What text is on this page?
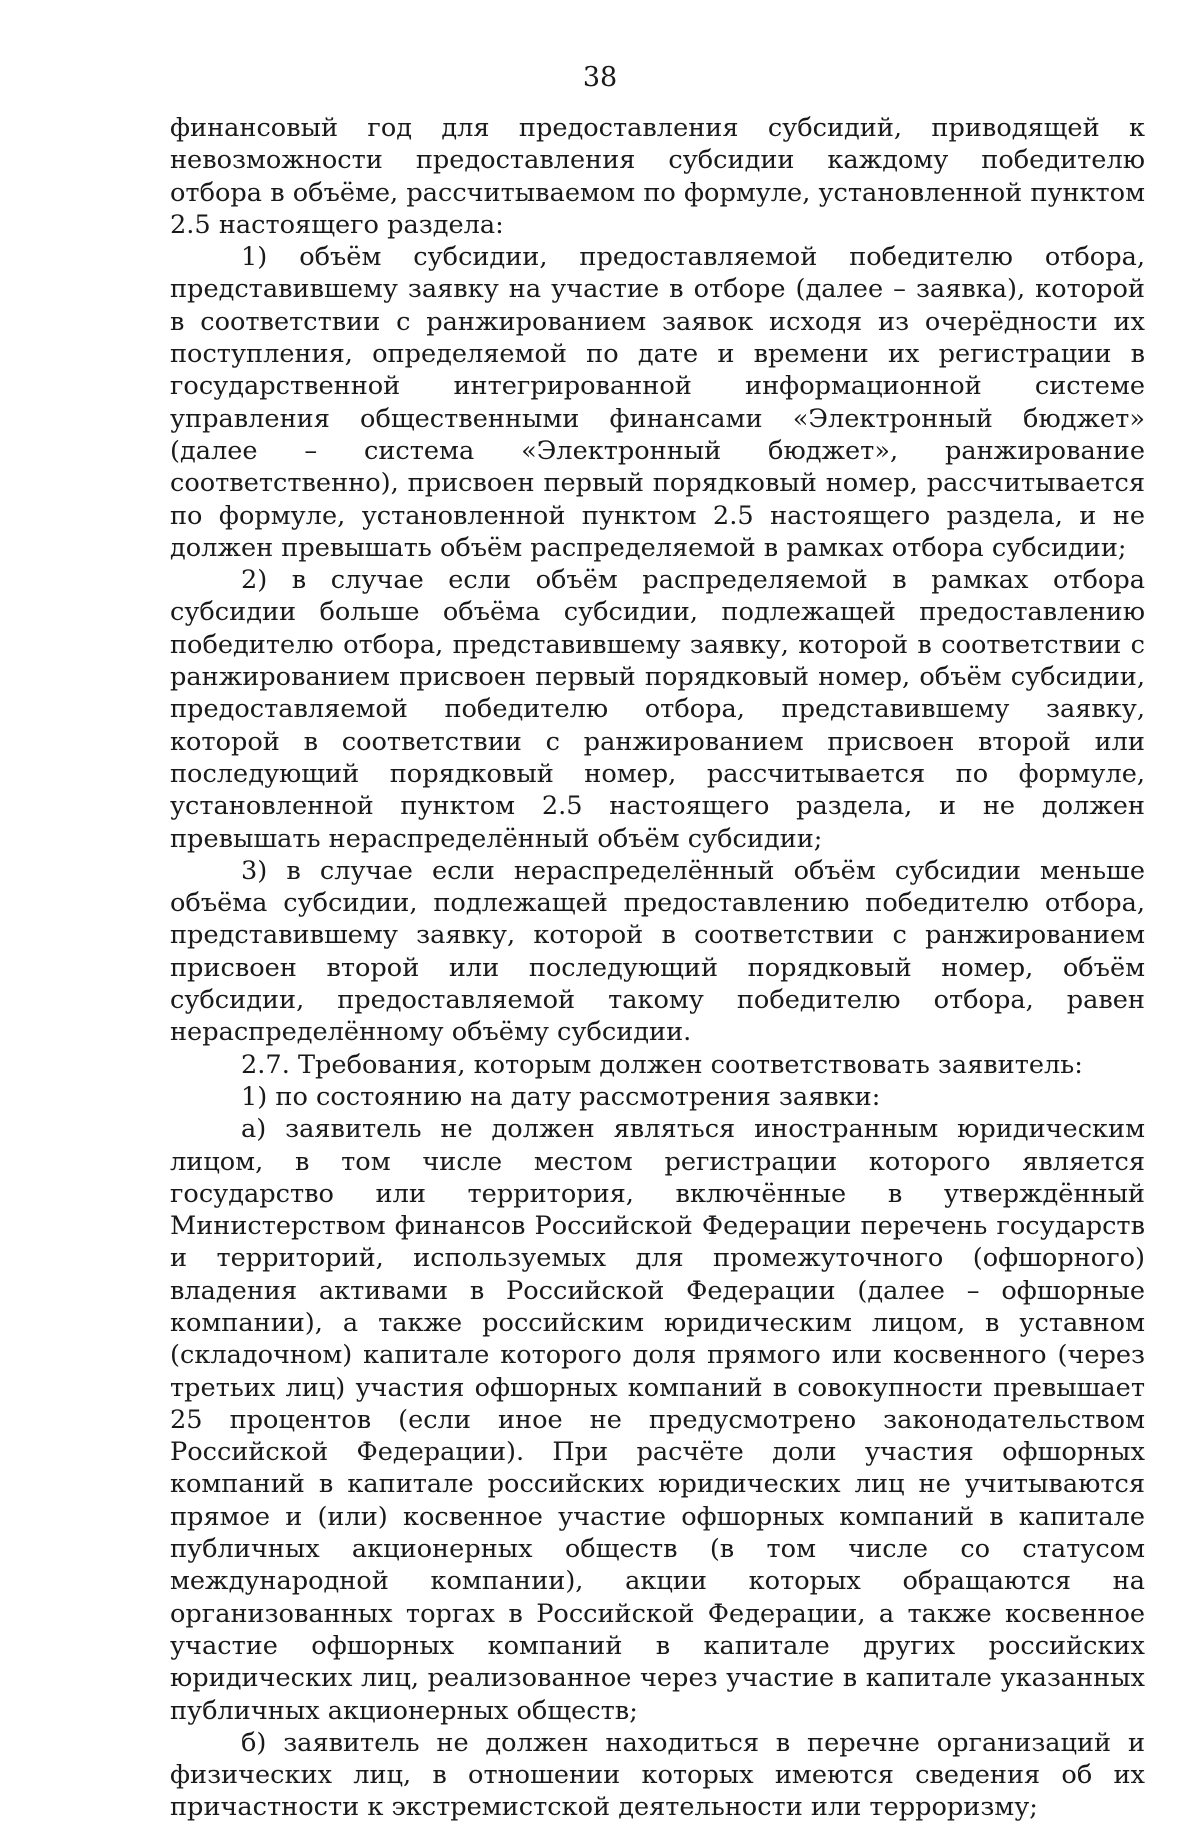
38

финансовый год для предоставления субсидий, приводящей к невозможности предоставления субсидии каждому победителю отбора в объёме, рассчитываемом по формуле, установленной пунктом 2.5 настоящего раздела:

1) объём субсидии, предоставляемой победителю отбора, представившему заявку на участие в отборе (далее – заявка), которой в соответствии с ранжированием заявок исходя из очерёдности их поступления, определяемой по дате и времени их регистрации в государственной интегрированной информационной системе управления общественными финансами «Электронный бюджет» (далее – система «Электронный бюджет», ранжирование соответственно), присвоен первый порядковый номер, рассчитывается по формуле, установленной пунктом 2.5 настоящего раздела, и не должен превышать объём распределяемой в рамках отбора субсидии;

2) в случае если объём распределяемой в рамках отбора субсидии больше объёма субсидии, подлежащей предоставлению победителю отбора, представившему заявку, которой в соответствии с ранжированием присвоен первый порядковый номер, объём субсидии, предоставляемой победителю отбора, представившему заявку, которой в соответствии с ранжированием присвоен второй или последующий порядковый номер, рассчитывается по формуле, установленной пунктом 2.5 настоящего раздела, и не должен превышать нераспределённый объём субсидии;

3) в случае если нераспределённый объём субсидии меньше объёма субсидии, подлежащей предоставлению победителю отбора, представившему заявку, которой в соответствии с ранжированием присвоен второй или последующий порядковый номер, объём субсидии, предоставляемой такому победителю отбора, равен нераспределённому объёму субсидии.

2.7. Требования, которым должен соответствовать заявитель:

1) по состоянию на дату рассмотрения заявки:

а) заявитель не должен являться иностранным юридическим лицом, в том числе местом регистрации которого является государство или территория, включённые в утверждённый Министерством финансов Российской Федерации перечень государств и территорий, используемых для промежуточного (офшорного) владения активами в Российской Федерации (далее – офшорные компании), а также российским юридическим лицом, в уставном (складочном) капитале которого доля прямого или косвенного (через третьих лиц) участия офшорных компаний в совокупности превышает 25 процентов (если иное не предусмотрено законодательством Российской Федерации). При расчёте доли участия офшорных компаний в капитале российских юридических лиц не учитываются прямое и (или) косвенное участие офшорных компаний в капитале публичных акционерных обществ (в том числе со статусом международной компании), акции которых обращаются на организованных торгах в Российской Федерации, а также косвенное участие офшорных компаний в капитале других российских юридических лиц, реализованное через участие в капитале указанных публичных акционерных обществ;

б) заявитель не должен находиться в перечне организаций и физических лиц, в отношении которых имеются сведения об их причастности к экстремистской деятельности или терроризму;
